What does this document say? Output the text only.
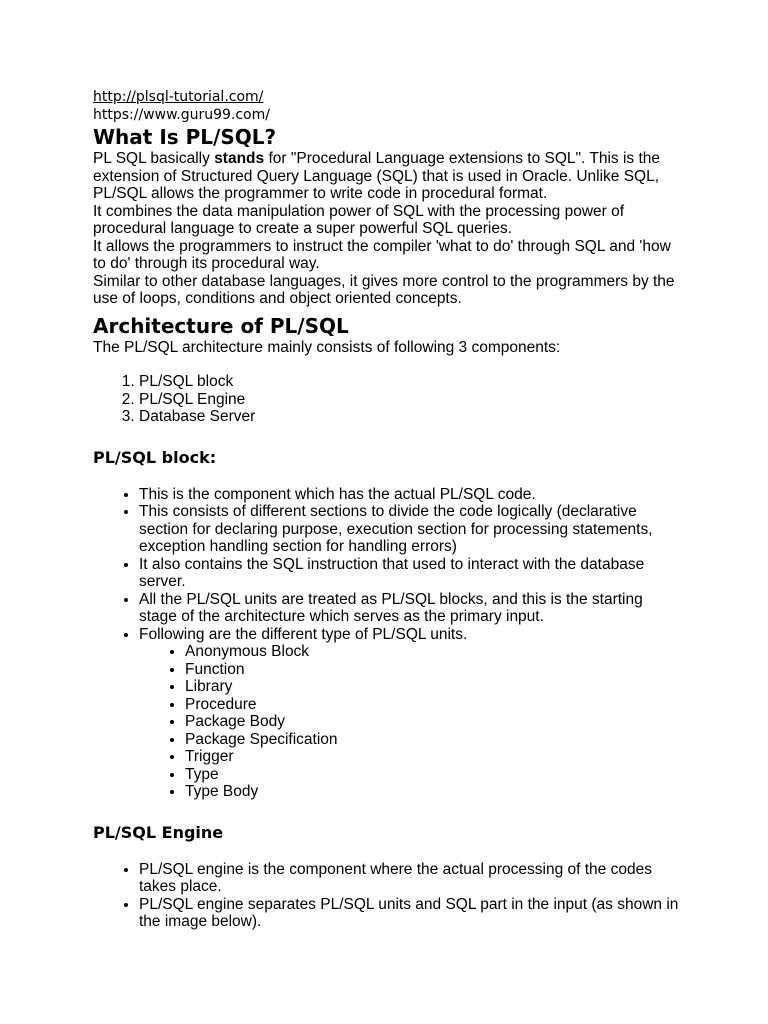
http://plsql-tutorial.com/
https://www.guru99.com/
What Is PL/SQL?

PL SQL basically stands for "Procedural Language extensions to SQL". This is the extension of Structured Query Language (SQL) that is used in Oracle. Unlike SQL, PL/SQL allows the programmer to write code in procedural format.

It combines the data manipulation power of SQL with the processing power of procedural language to create a super powerful SQL queries.

It allows the programmers to instruct the compiler 'what to do' through SQL and 'how to do' through its procedural way.

Similar to other database languages, it gives more control to the programmers by the use of loops, conditions and object oriented concepts.

Architecture of PL/SQL

The PL/SQL architecture mainly consists of following 3 components:

1. PL/SQL block
2. PL/SQL Engine
3. Database Server
PL/SQL block:
• This is the component which has the actual PL/SQL code.
• This consists of different sections to divide the code logically (declarative section for declaring purpose, execution section for processing statements, exception handling section for handling errors)
• It also contains the SQL instruction that used to interact with the database server.
• All the PL/SQL units are treated as PL/SQL blocks, and this is the starting stage of the architecture which serves as the primary input.
• Following are the different type of PL/SQL units.
• Anonymous Block
• Function
• Library
• Procedure
• Package Body
• Package Specification
• Trigger
• Type
• Type Body
PL/SQL Engine
• PL/SQL engine is the component where the actual processing of the codes takes place.
• PL/SQL engine separates PL/SQL units and SQL part in the input (as shown in the image below).
